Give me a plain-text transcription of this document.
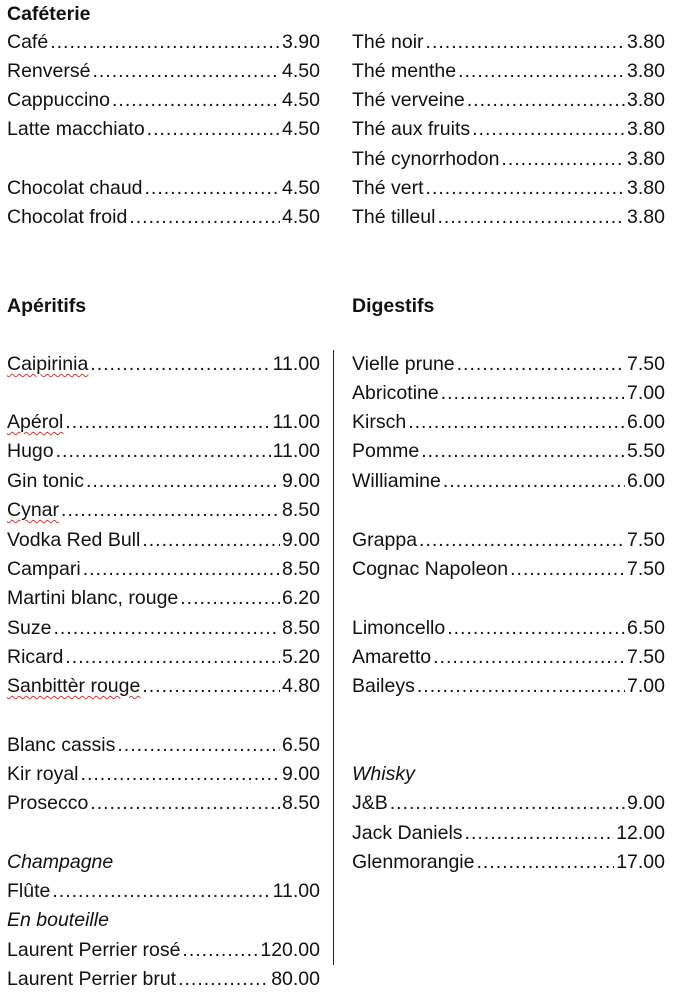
Caféterie
Apéritifs	Digestifs
Champagne
En bouteille
Whisky
Café .....	3.90
Renversé .....	4.50
Cappuccino .....	4.50
Latte macchiato .....	4.50
Chocolat chaud .....	4.50
Chocolat froid .....	4.50
Thé noir .....	3.80
Thé menthe .....	3.80
Thé verveine .....	3.80
Thé aux fruits .....	3.80
Thé cynorrhodon .....	3.80
Thé vert .....	3.80
Thé tilleul .....	3.80
Caipirinia .....	11.00
Apérol .....	11.00
Hugo .....	11.00
Gin tonic .....	9.00
Cynar .....	8.50
Vodka Red Bull .....	9.00
Campari .....	8.50
Martini blanc, rouge .....	6.20
Suze .....	8.50
Ricard .....	5.20
Sanbittèr rouge .....	4.80
Blanc cassis .....	6.50
Kir royal .....	9.00
Prosecco .....	8.50
Flûte .....	11.00
Laurent Perrier rosé .....	120.00
Laurent Perrier brut .....	80.00
Vielle prune .....	7.50
Abricotine .....	7.00
Kirsch .....	6.00
Pomme .....	5.50
Williamine .....	6.00
Grappa .....	7.50
Cognac Napoleon .....	7.50
Limoncello .....	6.50
Amaretto .....	7.50
Baileys .....	7.00
J&B .....	9.00
Jack Daniels .....	12.00
Glenmorangie .....	17.00
